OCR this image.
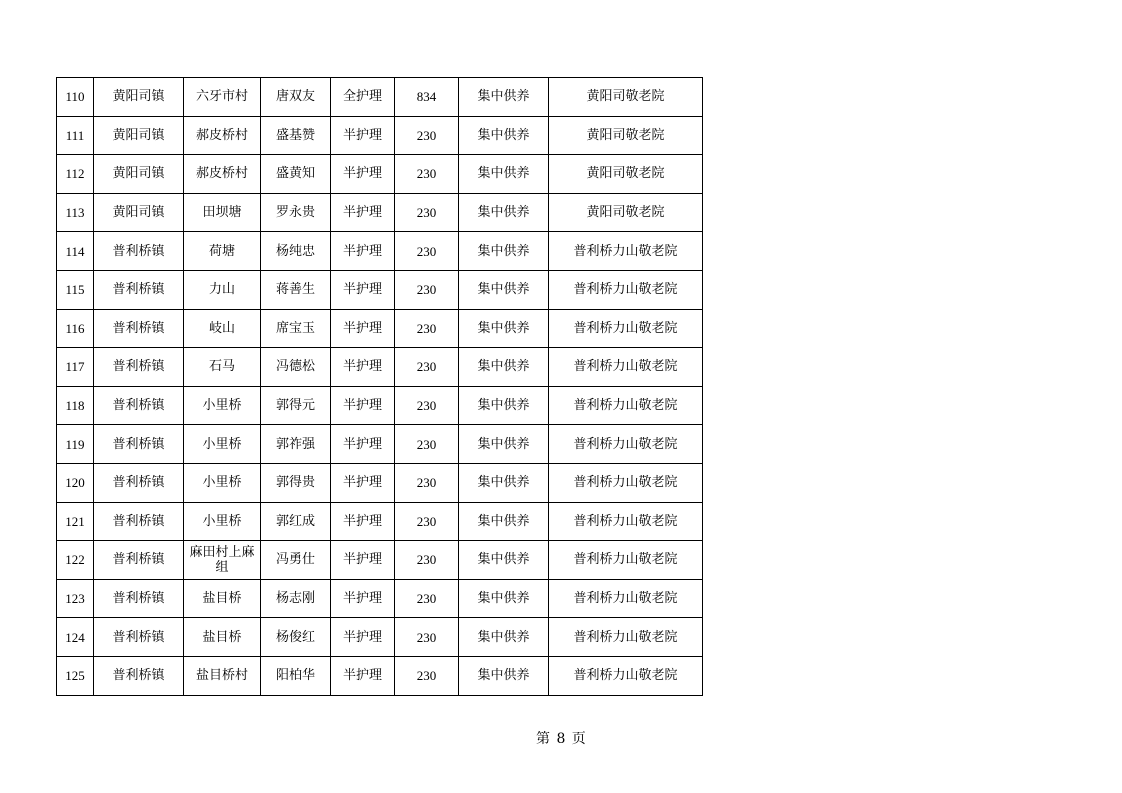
110	黄阳司镇	六牙市村	唐双友	全护理	834	集中供养	黄阳司敬老院
111	黄阳司镇	郝皮桥村	盛基赞	半护理	230	集中供养	黄阳司敬老院
112	黄阳司镇	郝皮桥村	盛黄知	半护理	230	集中供养	黄阳司敬老院
113	黄阳司镇	田坝塘	罗永贵	半护理	230	集中供养	黄阳司敬老院
114	普利桥镇	荷塘	杨纯忠	半护理	230	集中供养	普利桥力山敬老院
115	普利桥镇	力山	蒋善生	半护理	230	集中供养	普利桥力山敬老院
116	普利桥镇	岐山	席宝玉	半护理	230	集中供养	普利桥力山敬老院
117	普利桥镇	石马	冯德松	半护理	230	集中供养	普利桥力山敬老院
118	普利桥镇	小里桥	郭得元	半护理	230	集中供养	普利桥力山敬老院
119	普利桥镇	小里桥	郭祚强	半护理	230	集中供养	普利桥力山敬老院
120	普利桥镇	小里桥	郭得贵	半护理	230	集中供养	普利桥力山敬老院
121	普利桥镇	小里桥	郭红成	半护理	230	集中供养	普利桥力山敬老院
122	普利桥镇	麻田村上麻组	冯勇仕	半护理	230	集中供养	普利桥力山敬老院
123	普利桥镇	盐目桥	杨志刚	半护理	230	集中供养	普利桥力山敬老院
124	普利桥镇	盐目桥	杨俊红	半护理	230	集中供养	普利桥力山敬老院
125	普利桥镇	盐目桥村	阳柏华	半护理	230	集中供养	普利桥力山敬老院
第 8 页
